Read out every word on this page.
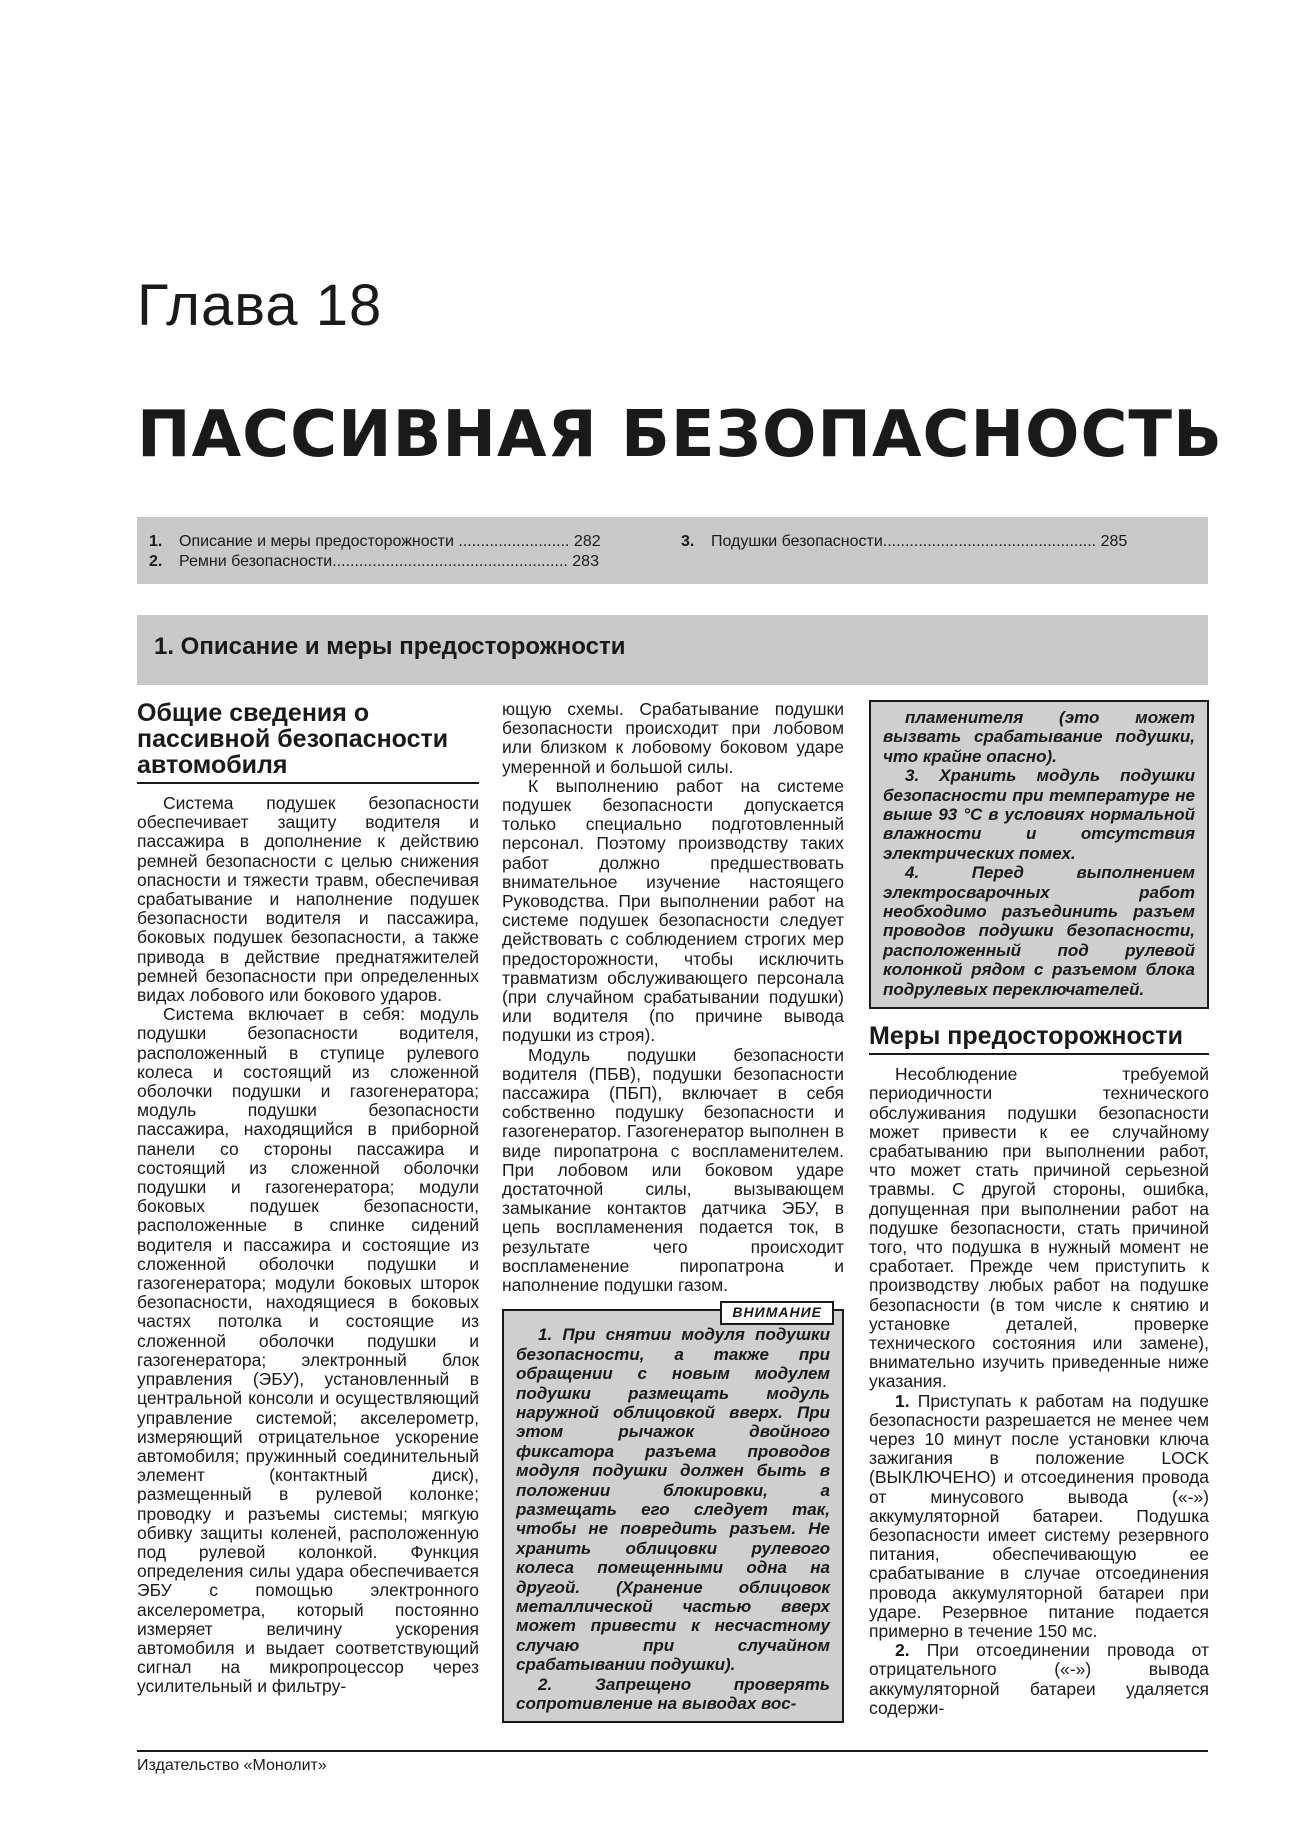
Глава 18
ПАССИВНАЯ БЕЗОПАСНОСТЬ
1. Описание и меры предосторожности ......................... 282
2. Ремни безопасности..................................................... 283
3. Подушки безопасности................................................ 285
1. Описание и меры предосторожности
Общие сведения о пассивной безопасности автомобиля

Система подушек безопасности обеспечивает защиту водителя и пассажира в дополнение к действию ремней безопасности с целью снижения опасности и тяжести травм, обеспечивая срабатывание и наполнение подушек безопасности водителя и пассажира, боковых подушек безопасности, а также привода в действие преднатяжителей ремней безопасности при определенных видах лобового или бокового ударов.

Система включает в себя: модуль подушки безопасности водителя, расположенный в ступице рулевого колеса и состоящий из сложенной оболочки подушки и газогенератора; модуль подушки безопасности пассажира, находящийся в приборной панели со стороны пассажира и состоящий из сложенной оболочки подушки и газогенератора; модули боковых подушек безопасности, расположенные в спинке сидений водителя и пассажира и состоящие из сложенной оболочки подушки и газогенератора; модули боковых шторок безопасности, находящиеся в боковых частях потолка и состоящие из сложенной оболочки подушки и газогенератора; электронный блок управления (ЭБУ), установленный в центральной консоли и осуществляющий управление системой; акселерометр, измеряющий отрицательное ускорение автомобиля; пружинный соединительный элемент (контактный диск), размещенный в рулевой колонке; проводку и разъемы системы; мягкую обивку защиты коленей, расположенную под рулевой колонкой. Функция определения силы удара обеспечивается ЭБУ с помощью электронного акселерометра, который постоянно измеряет величину ускорения автомобиля и выдает соответствующий сигнал на микропроцессор через усилительный и фильтру-

ющую схемы. Срабатывание подушки безопасности происходит при лобовом или близком к лобовому боковом ударе умеренной и большой силы.

К выполнению работ на системе подушек безопасности допускается только специально подготовленный персонал. Поэтому производству таких работ должно предшествовать внимательное изучение настоящего Руководства. При выполнении работ на системе подушек безопасности следует действовать с соблюдением строгих мер предосторожности, чтобы исключить травматизм обслуживающего персонала (при случайном срабатывании подушки) или водителя (по причине вывода подушки из строя).

Модуль подушки безопасности водителя (ПБВ), подушки безопасности пассажира (ПБП), включает в себя собственно подушку безопасности и газогенератор. Газогенератор выполнен в виде пиропатрона с воспламенителем. При лобовом или боковом ударе достаточной силы, вызывающем замыкание контактов датчика ЭБУ, в цепь воспламенения подается ток, в результате чего происходит воспламенение пиропатрона и наполнение подушки газом.

ВНИМАНИЕ

1. При снятии модуля подушки безопасности, а также при обращении с новым модулем подушки размещать модуль наружной облицовкой вверх. При этом рычажок двойного фиксатора разъема проводов модуля подушки должен быть в положении блокировки, а размещать его следует так, чтобы не повредить разъем. Не хранить облицовки рулевого колеса помещенными одна на другой. (Хранение облицовок металлической частью вверх может привести к несчастному случаю при случайном срабатывании подушки).

2. Запрещено проверять сопротивление на выводах вос-

пламенителя (это может вызвать срабатывание подушки, что крайне опасно).

3. Хранить модуль подушки безопасности при температуре не выше 93 °С в условиях нормальной влажности и отсутствия электрических помех.

4. Перед выполнением электросварочных работ необходимо разъединить разъем проводов подушки безопасности, расположенный под рулевой колонкой рядом с разъемом блока подрулевых переключателей.

Меры предосторожности

Несоблюдение требуемой периодичности технического обслуживания подушки безопасности может привести к ее случайному срабатыванию при выполнении работ, что может стать причиной серьезной травмы. С другой стороны, ошибка, допущенная при выполнении работ на подушке безопасности, стать причиной того, что подушка в нужный момент не сработает. Прежде чем приступить к производству любых работ на подушке безопасности (в том числе к снятию и установке деталей, проверке технического состояния или замене), внимательно изучить приведенные ниже указания.

1. Приступать к работам на подушке безопасности разрешается не менее чем через 10 минут после установки ключа зажигания в положение LOCK (ВЫКЛЮЧЕНО) и отсоединения провода от минусового вывода («-») аккумуляторной батареи. Подушка безопасности имеет систему резервного питания, обеспечивающую ее срабатывание в случае отсоединения провода аккумуляторной батареи при ударе. Резервное питание подается примерно в течение 150 мс.

2. При отсоединении провода от отрицательного («-») вывода аккумуляторной батареи удаляется содержи-

Издательство «Монолит»
